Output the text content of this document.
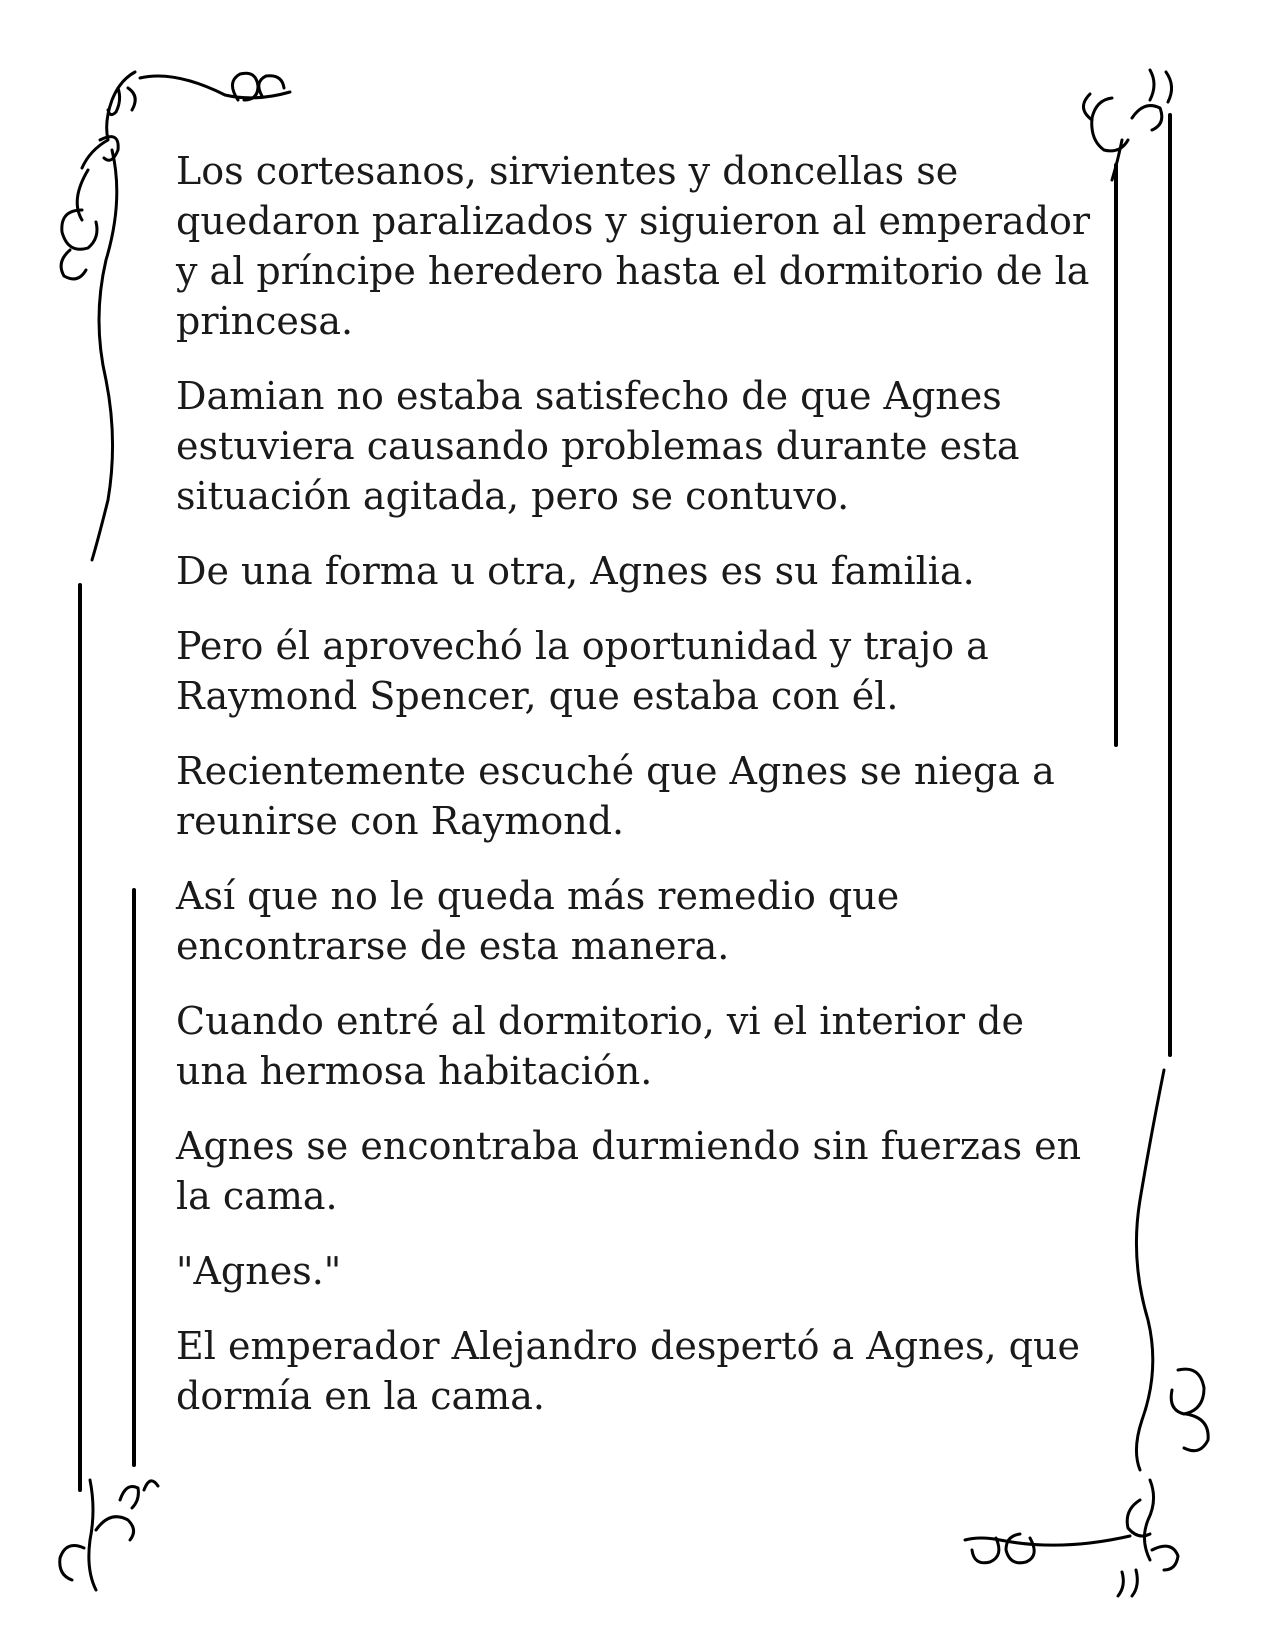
Los cortesanos, sirvientes y doncellas se
quedaron paralizados y siguieron al emperador
y al príncipe heredero hasta el dormitorio de la
princesa.

Damian no estaba satisfecho de que Agnes
estuviera causando problemas durante esta
situación agitada, pero se contuvo.

De una forma u otra, Agnes es su familia.

Pero él aprovechó la oportunidad y trajo a
Raymond Spencer, que estaba con él.

Recientemente escuché que Agnes se niega a
reunirse con Raymond.

Así que no le queda más remedio que
encontrarse de esta manera.

Cuando entré al dormitorio, vi el interior de
una hermosa habitación.

Agnes se encontraba durmiendo sin fuerzas en
la cama.

"Agnes."

El emperador Alejandro despertó a Agnes, que
dormía en la cama.
